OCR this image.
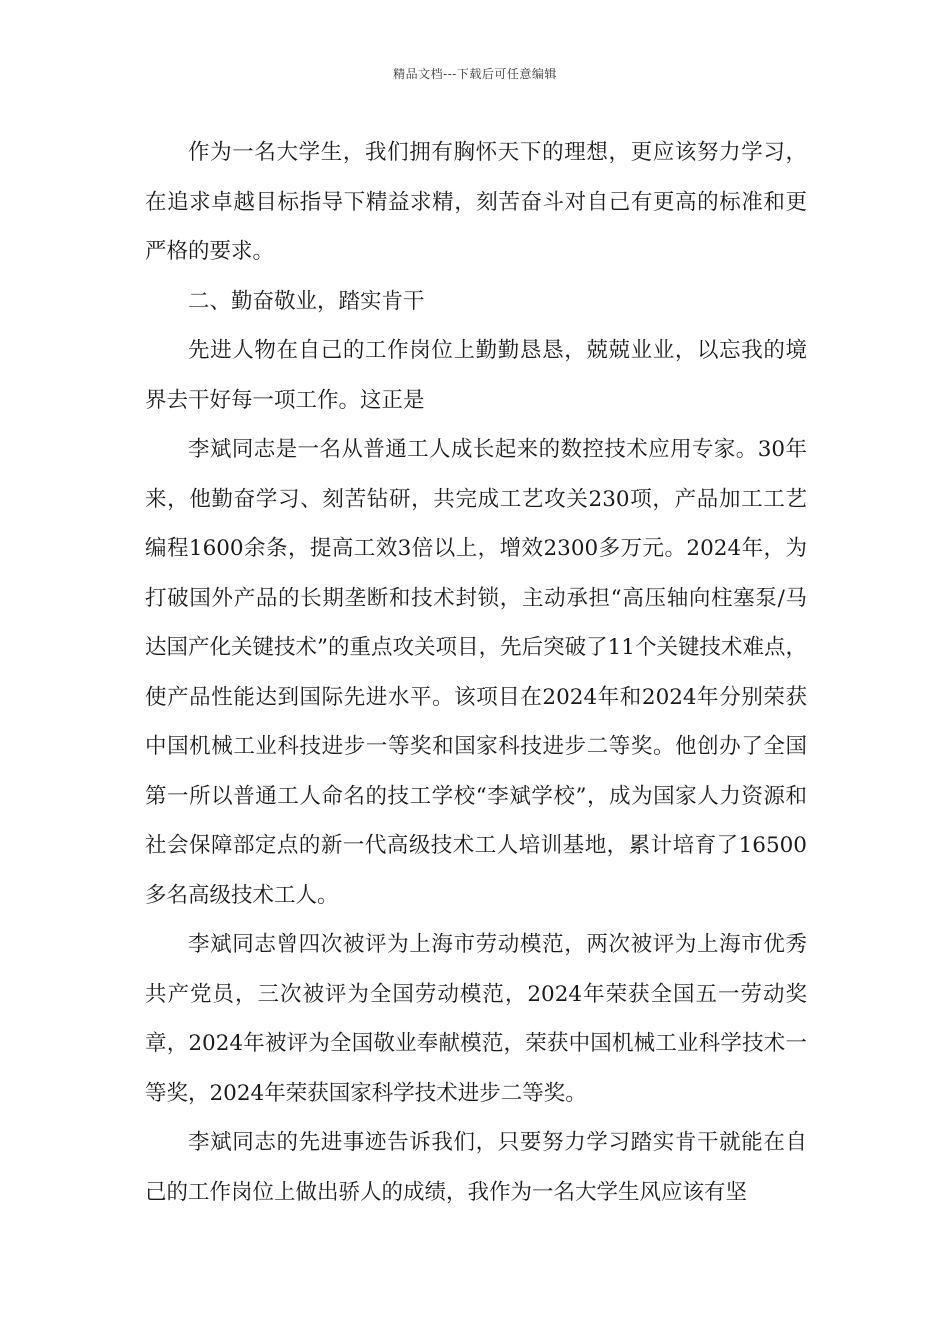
精品文档---下载后可任意编辑

作为一名大学生，我们拥有胸怀天下的理想，更应该努力学习，在追求卓越目标指导下精益求精，刻苦奋斗对自己有更高的标准和更严格的要求。

二、勤奋敬业，踏实肯干

先进人物在自己的工作岗位上勤勤恳恳，兢兢业业，以忘我的境界去干好每一项工作。这正是

李斌同志是一名从普通工人成长起来的数控技术应用专家。30年来，他勤奋学习、刻苦钻研，共完成工艺攻关230项，产品加工工艺编程1600余条，提高工效3倍以上，增效2300多万元。2024年，为打破国外产品的长期垄断和技术封锁，主动承担“高压轴向柱塞泵/马达国产化关键技术”的重点攻关项目，先后突破了11个关键技术难点，使产品性能达到国际先进水平。该项目在2024年和2024年分别荣获中国机械工业科技进步一等奖和国家科技进步二等奖。他创办了全国第一所以普通工人命名的技工学校“李斌学校”，成为国家人力资源和社会保障部定点的新一代高级技术工人培训基地，累计培育了16500多名高级技术工人。

李斌同志曾四次被评为上海市劳动模范，两次被评为上海市优秀共产党员，三次被评为全国劳动模范，2024年荣获全国五一劳动奖章，2024年被评为全国敬业奉献模范，荣获中国机械工业科学技术一等奖，2024年荣获国家科学技术进步二等奖。

李斌同志的先进事迹告诉我们，只要努力学习踏实肯干就能在自己的工作岗位上做出骄人的成绩，我作为一名大学生风应该有坚
